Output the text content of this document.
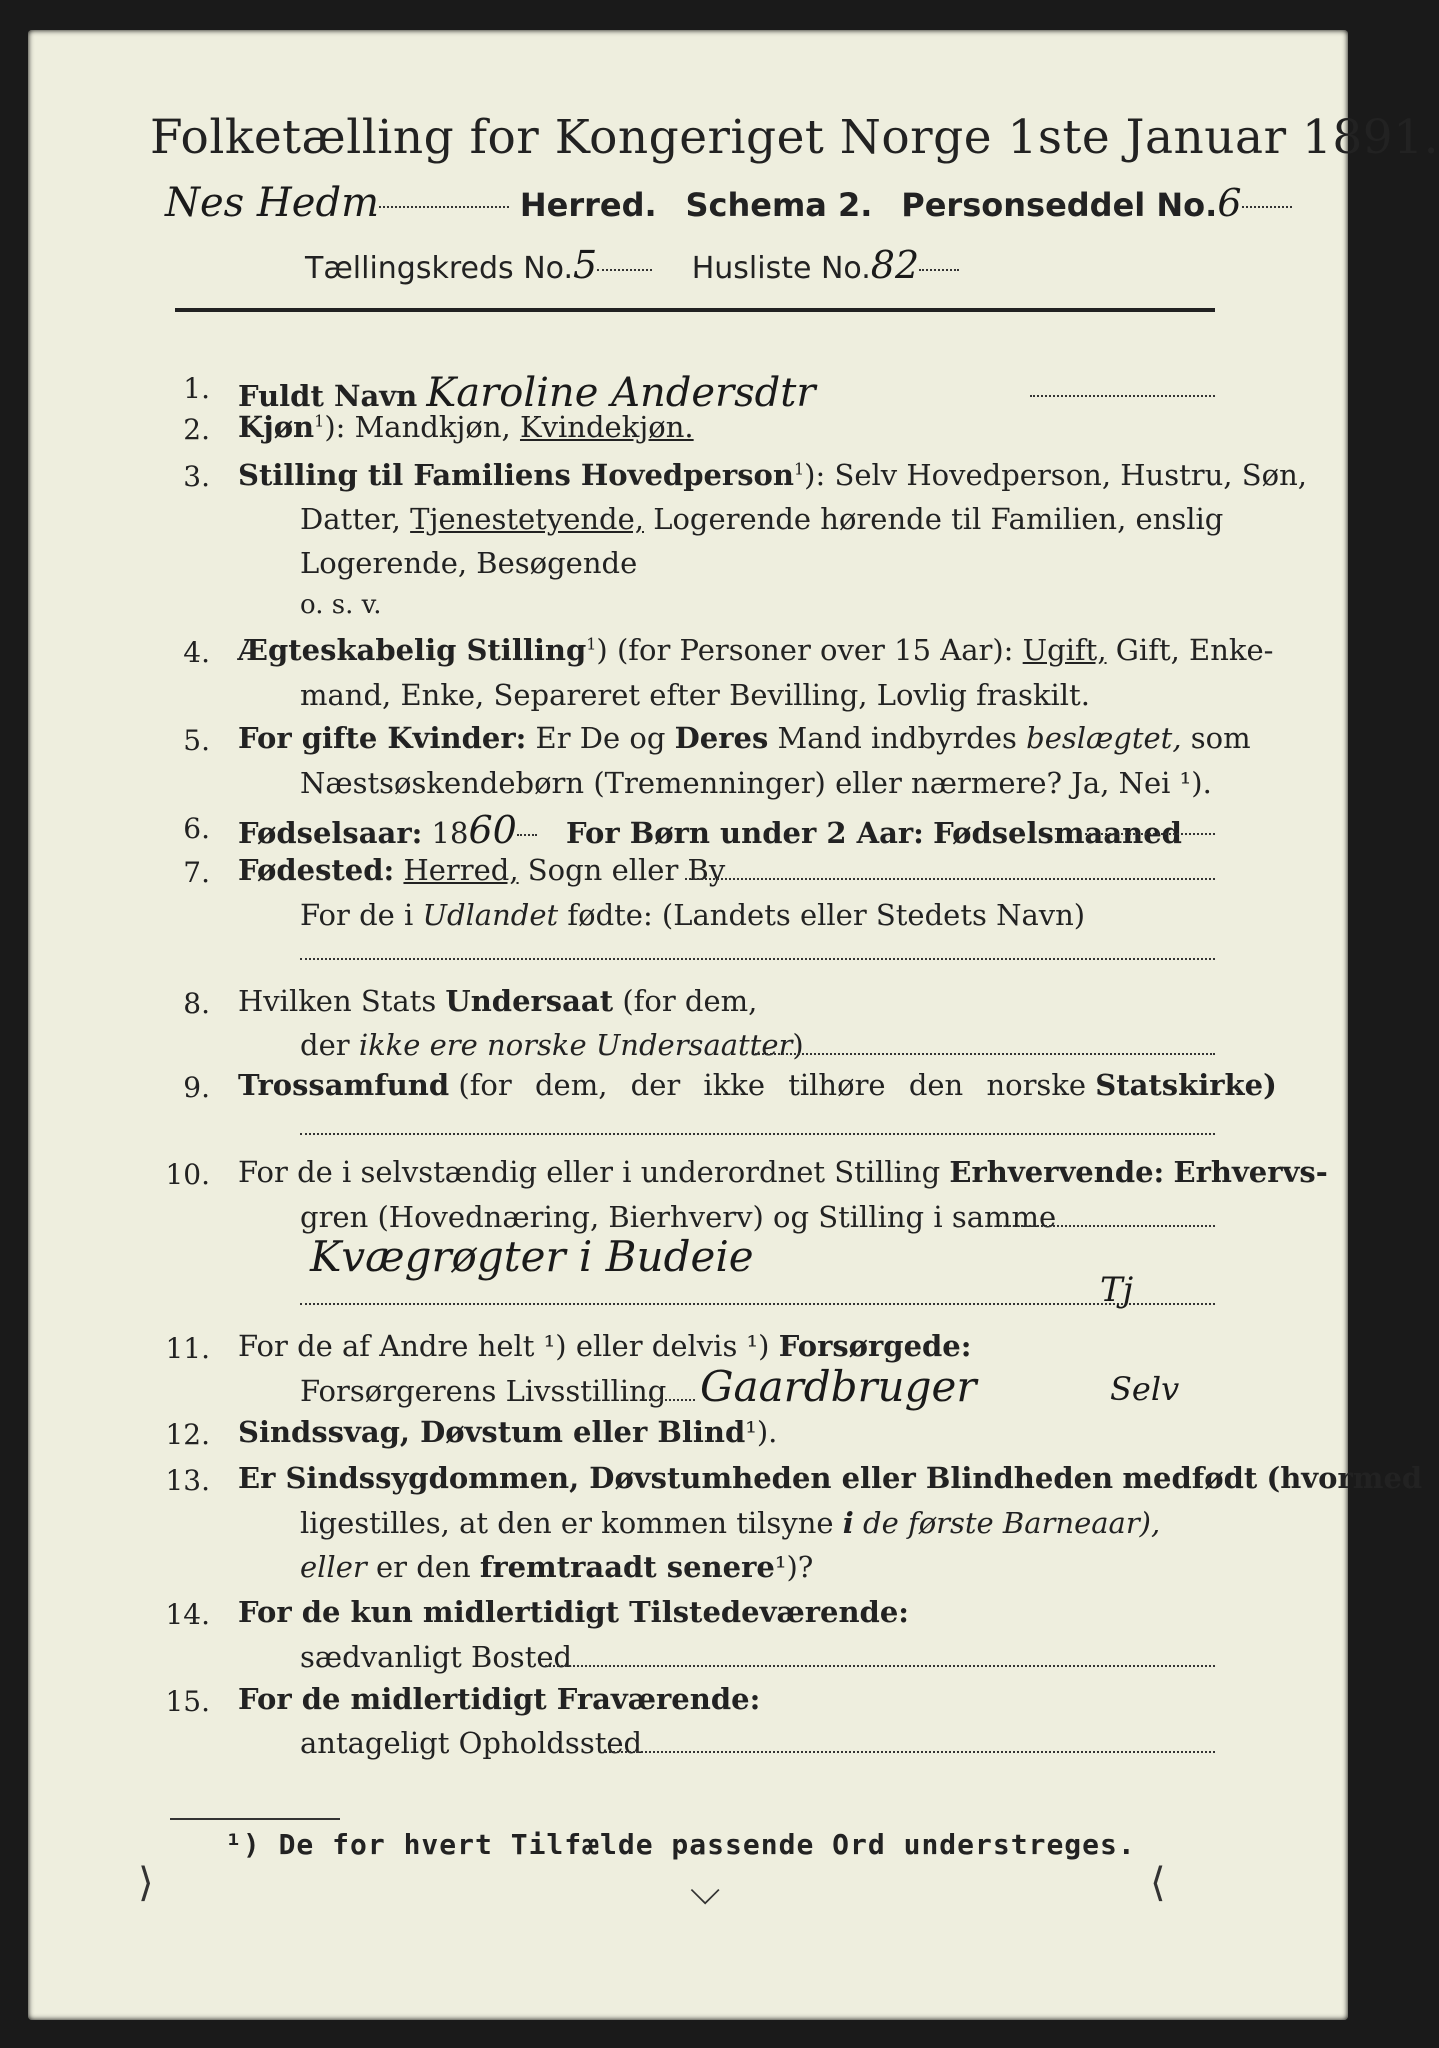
Folketælling for Kongeriget Norge 1ste Januar 1891.
Nes Hedm	Herred. Schema 2. Personseddel No.6
Tællingskreds No.5	Husliste No.82
1. Fuldt Navn Karoline Andersdtr
2. Kjøn$^1$): Mandkjøn, Kvindekjøn.
3. Stilling til Familiens Hovedperson$^1$): Selv Hovedperson, Hustru, Søn,
Datter, Tjenestetyende, Logerende hørende til Familien, enslig
Logerende, Besøgende
o. s. v.
4. Ægteskabelig Stilling$^1$) (for Personer over 15 Aar): Ugift, Gift, Enke-
mand, Enke, Separeret efter Bevilling, Lovlig fraskilt.
5. For gifte Kvinder: Er De og Deres Mand indbyrdes beslægtet, som
Næstsøskendebørn (Tremenninger) eller nærmere? Ja, Nei ¹).
6. Fødselsaar: 1860 For Børn under 2 Aar: Fødselsmaaned
7. Fødested: Herred, Sogn eller By
For de i Udlandet fødte: (Landets eller Stedets Navn)
8. Hvilken Stats Undersaat (for dem,
der ikke ere norske Undersaatter)
9. Trossamfund (for dem, der ikke tilhøre den norske Statskirke)
10. For de i selvstændig eller i underordnet Stilling Erhvervende: Erhvervs-
gren (Hovednæring, Bierhverv) og Stilling i samme
Kvægrøgter i Budeie
Tj
11. For de af Andre helt ¹) eller delvis ¹) Forsørgede:
Forsørgerens Livsstilling Gaardbruger	Selv
12. Sindssvag, Døvstum eller Blind¹).
13. Er Sindssygdommen, Døvstumheden eller Blindheden medfødt (hvormed
ligestilles, at den er kommen tilsyne i de første Barneaar),
eller er den fremtraadt senere¹)?
14. For de kun midlertidigt Tilstedeværende:
sædvanligt Bosted
15. For de midlertidigt Fraværende:
antageligt Opholdssted
¹) De for hvert Tilfælde passende Ord understreges.
⟩	⌵	⟨
